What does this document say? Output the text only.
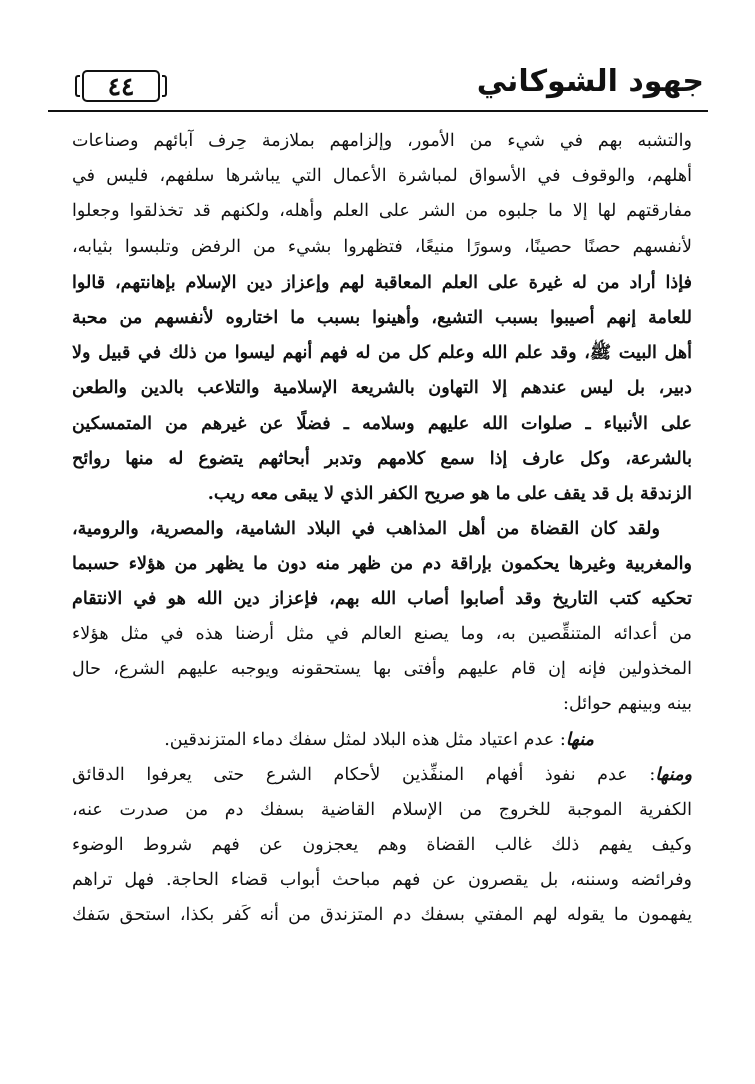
٤٤	جهود الشوكاني

والتشبه بهم في شيء من الأمور، وإلزامهم بملازمة حِرف آبائهم وصناعات
أهلهم، والوقوف في الأسواق لمباشرة الأعمال التي يباشرها سلفهم، فليس في
مفارقتهم لها إلا ما جلبوه من الشر على العلم وأهله، ولكنهم قد تخذلقوا وجعلوا
لأنفسهم حصنًا حصينًا، وسورًا منيعًا، فتظهروا بشيء من الرفض وتلبسوا بثيابه،

فإذا أراد من له غيرة على العلم المعاقبة لهم وإعزاز دين الإسلام بإهانتهم، قالوا
للعامة إنهم أصيبوا بسبب التشيع، وأهينوا بسبب ما اختاروه لأنفسهم من محبة
أهل البيت ﷺ، وقد علم الله وعلم كل من له فهم أنهم ليسوا من ذلك في قبيل ولا
دبير، بل ليس عندهم إلا التهاون بالشريعة الإسلامية والتلاعب بالدين والطعن
على الأنبياء ـ صلوات الله عليهم وسلامه ـ فضلًا عن غيرهم من المتمسكين
بالشرعة، وكل عارف إذا سمع كلامهم وتدبر أبحاثهم يتضوع له منها روائح
الزندقة بل قد يقف على ما هو صريح الكفر الذي لا يبقى معه ريب.

ولقد كان القضاة من أهل المذاهب في البلاد الشامية، والمصرية، والرومية،
والمغربية وغيرها يحكمون بإراقة دم من ظهر منه دون ما يظهر من هؤلاء حسبما
تحكيه كتب التاريخ وقد أصابوا أصاب الله بهم، فإعزاز دين الله هو في الانتقام
من أعدائه المتنقِّصين به، وما يصنع العالم في مثل أرضنا هذه في مثل هؤلاء
المخذولين فإنه إن قام عليهم وأفتى بها يستحقونه ويوجبه عليهم الشرع، حال
بينه وبينهم حوائل:

منها: عدم اعتياد مثل هذه البلاد لمثل سفك دماء المتزندقين.

ومنها: عدم نفوذ أفهام المنفِّذين لأحكام الشرع حتى يعرفوا الدقائق
الكفرية الموجبة للخروج من الإسلام القاضية بسفك دم من صدرت عنه،
وكيف يفهم ذلك غالب القضاة وهم يعجزون عن فهم شروط الوضوء
وفرائضه وسننه، بل يقصرون عن فهم مباحث أبواب قضاء الحاجة. فهل تراهم
يفهمون ما يقوله لهم المفتي بسفك دم المتزندق من أنه كَفر بكذا، استحق سَفك
